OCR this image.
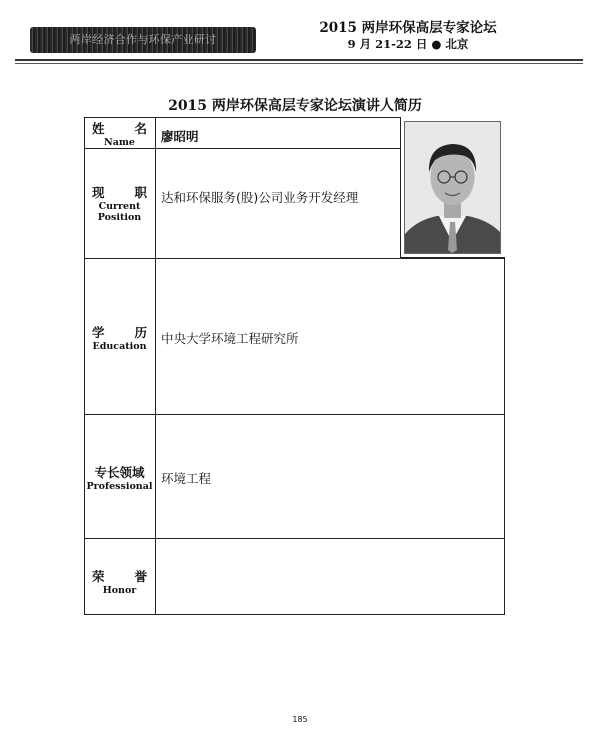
两岸经济合作与环保产业研讨
2015 两岸环保高层专家论坛
9 月 21-22 日 ● 北京
2015 两岸环保高层专家论坛演讲人简历
姓 名
Name	廖昭明
现 职
Current
Position
达和环保服务(股)公司业务开发经理
学 历
Education
中央大学环境工程研究所
专长领域
Professional
环境工程
荣 誉
Honor
185
